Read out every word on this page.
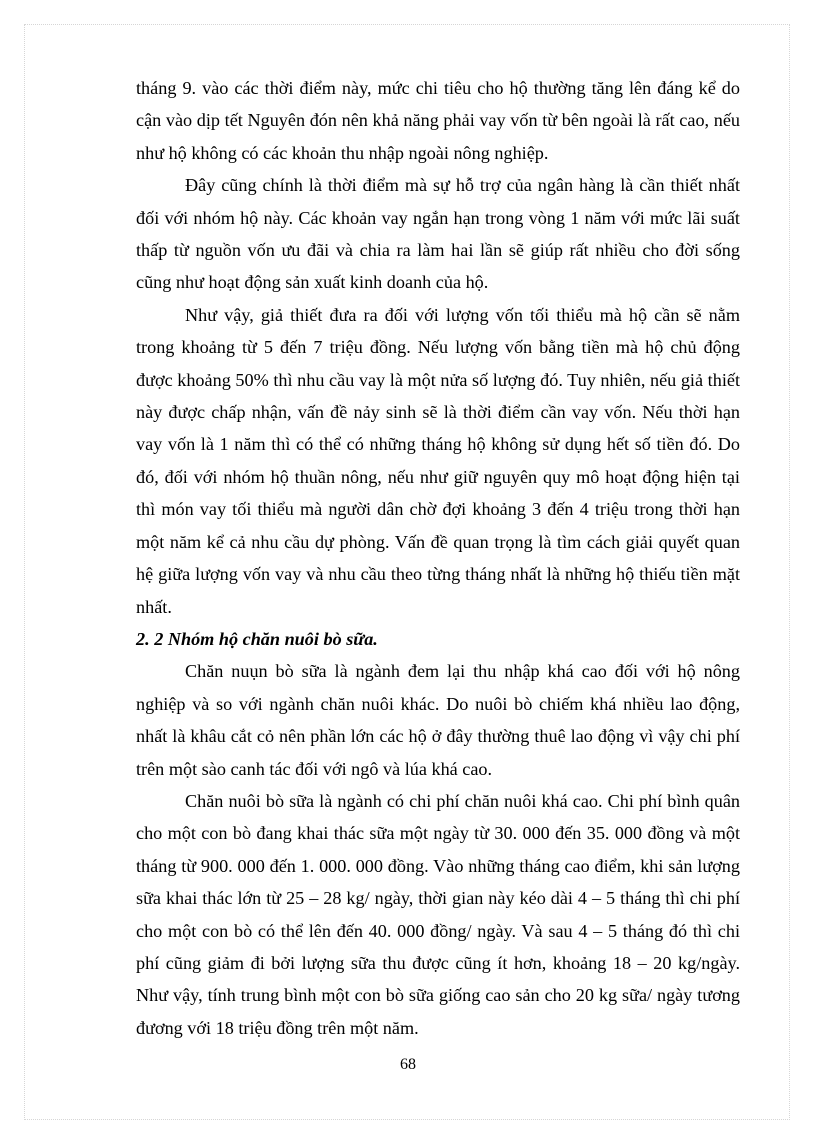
tháng 9. vào các thời điểm này, mức chi tiêu cho hộ thường tăng lên đáng kể do cận vào dịp tết Nguyên đón nên khả năng phải vay vốn từ bên ngoài là rất cao, nếu như hộ không có các khoản thu nhập ngoài nông nghiệp.

Đây cũng chính là thời điểm mà sự hỗ trợ của ngân hàng là cần thiết nhất đối với nhóm hộ này. Các khoản vay ngắn hạn trong vòng 1 năm với mức lãi suất thấp từ nguồn vốn ưu đãi và chia ra làm hai lần sẽ giúp rất nhiều cho đời sống cũng như hoạt động sản xuất kinh doanh của hộ.

Như vậy, giả thiết đưa ra đối với lượng vốn tối thiểu mà hộ cần sẽ nằm trong khoảng từ 5 đến 7 triệu đồng. Nếu lượng vốn bằng tiền mà hộ chủ động được khoảng 50% thì nhu cầu vay là một nửa số lượng đó. Tuy nhiên, nếu giả thiết này được chấp nhận, vấn đề nảy sinh sẽ là thời điểm cần vay vốn. Nếu thời hạn vay vốn là 1 năm thì có thể có những tháng hộ không sử dụng hết số tiền đó. Do đó, đối với nhóm hộ thuần nông, nếu như giữ nguyên quy mô hoạt động hiện tại thì món vay tối thiểu mà người dân chờ đợi khoảng 3 đến 4 triệu trong thời hạn một năm kể cả nhu cầu dự phòng. Vấn đề quan trọng là tìm cách giải quyết quan hệ giữa lượng vốn vay và nhu cầu theo từng tháng nhất là những hộ thiếu tiền mặt nhất.

2. 2 Nhóm hộ chăn nuôi bò sữa.

Chăn nuụn bò sữa là ngành đem lại thu nhập khá cao đối với hộ nông nghiệp và so với ngành chăn nuôi khác. Do nuôi bò chiếm khá nhiều lao động, nhất là khâu cắt cỏ nên phần lớn các hộ ở đây thường thuê lao động vì vậy chi phí trên một sào canh tác đối với ngô và lúa khá cao.

Chăn nuôi bò sữa là ngành có chi phí chăn nuôi khá cao. Chi phí bình quân cho một con bò đang khai thác sữa một ngày từ 30. 000 đến 35. 000 đồng và một tháng từ 900. 000 đến 1. 000. 000 đồng. Vào những tháng cao điểm, khi sản lượng sữa khai thác lớn từ 25 – 28 kg/ ngày, thời gian này kéo dài 4 – 5 tháng thì chi phí cho một con bò có thể lên đến 40. 000 đồng/ ngày. Và sau 4 – 5 tháng đó thì chi phí cũng giảm đi bởi lượng sữa thu được cũng ít hơn, khoảng 18 – 20 kg/ngày. Như vậy, tính trung bình một con bò sữa giống cao sản cho 20 kg sữa/ ngày tương đương với 18 triệu đồng trên một năm.

68
